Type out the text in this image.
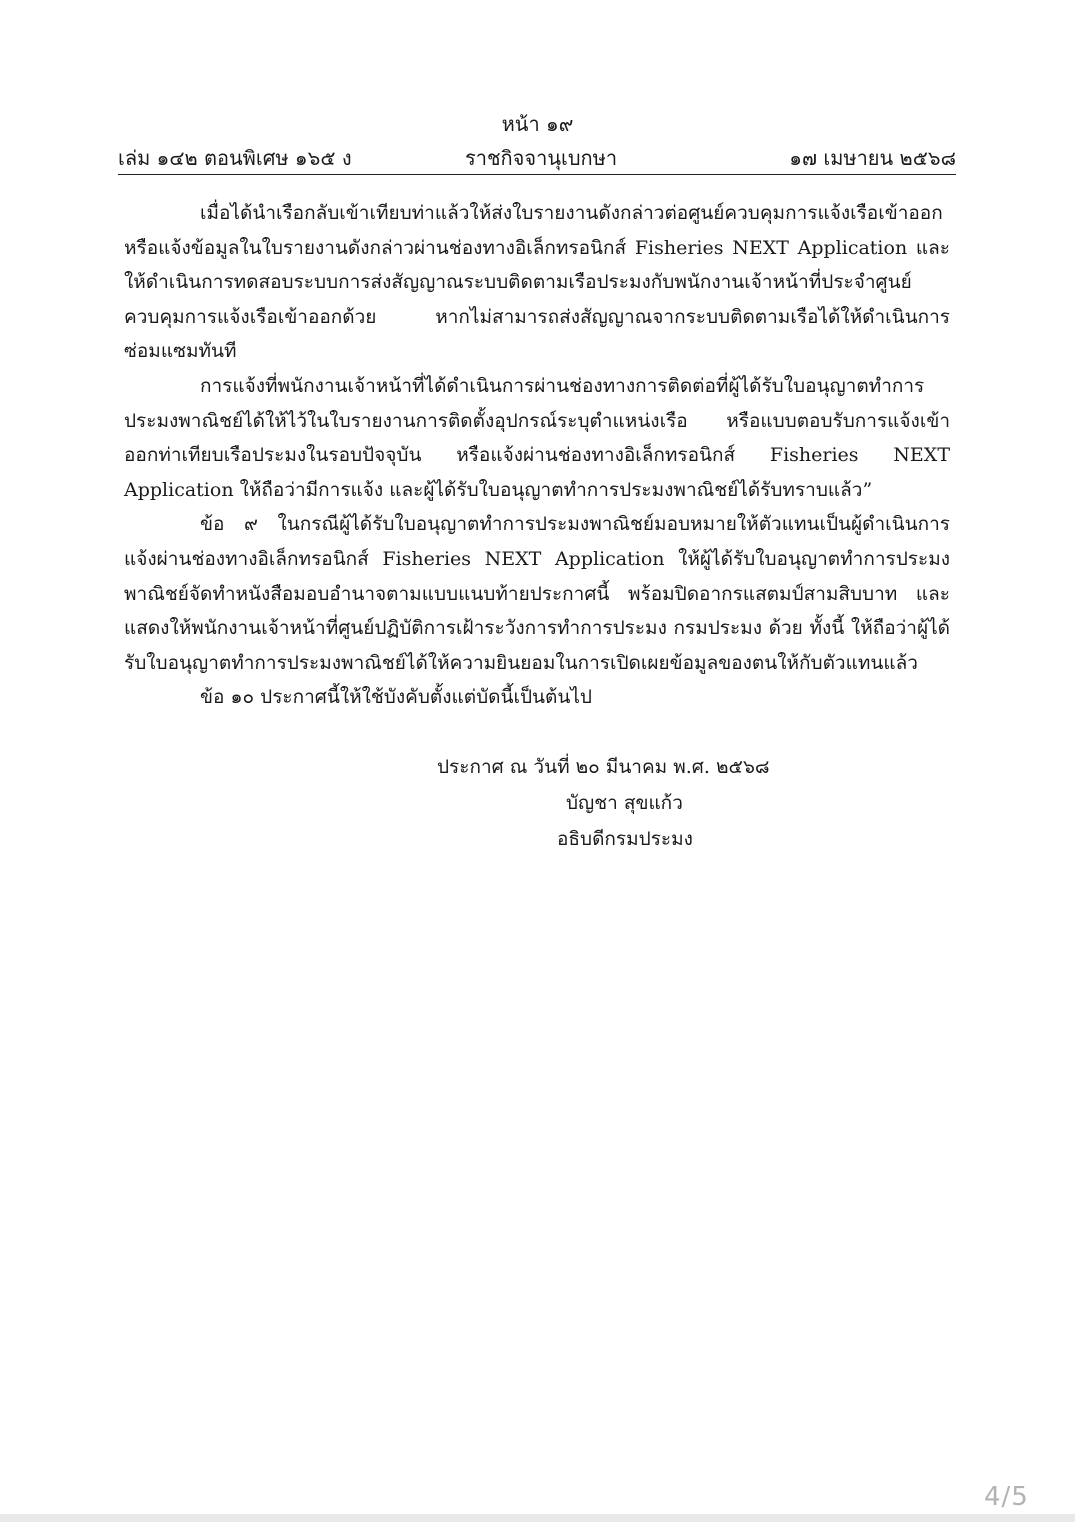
หน้า ๑๙
เล่ม ๑๔๒ ตอนพิเศษ ๑๖๕ ง	ราชกิจจานุเบกษา	๑๗ เมษายน ๒๕๖๘

เมื่อได้นำเรือกลับเข้าเทียบท่าแล้วให้ส่งใบรายงานดังกล่าวต่อศูนย์ควบคุมการแจ้งเรือเข้าออก หรือแจ้งข้อมูลในใบรายงานดังกล่าวผ่านช่องทางอิเล็กทรอนิกส์ Fisheries NEXT Application และให้ดำเนินการทดสอบระบบการส่งสัญญาณระบบติดตามเรือประมงกับพนักงานเจ้าหน้าที่ประจำศูนย์ควบคุมการแจ้งเรือเข้าออกด้วย หากไม่สามารถส่งสัญญาณจากระบบติดตามเรือได้ให้ดำเนินการซ่อมแซมทันที

การแจ้งที่พนักงานเจ้าหน้าที่ได้ดำเนินการผ่านช่องทางการติดต่อที่ผู้ได้รับใบอนุญาตทำการประมงพาณิชย์ได้ให้ไว้ในใบรายงานการติดตั้งอุปกรณ์ระบุตำแหน่งเรือ หรือแบบตอบรับการแจ้งเข้าออกท่าเทียบเรือประมงในรอบปัจจุบัน หรือแจ้งผ่านช่องทางอิเล็กทรอนิกส์ Fisheries NEXT Application ให้ถือว่ามีการแจ้ง และผู้ได้รับใบอนุญาตทำการประมงพาณิชย์ได้รับทราบแล้ว”

ข้อ ๙ ในกรณีผู้ได้รับใบอนุญาตทำการประมงพาณิชย์มอบหมายให้ตัวแทนเป็นผู้ดำเนินการแจ้งผ่านช่องทางอิเล็กทรอนิกส์ Fisheries NEXT Application ให้ผู้ได้รับใบอนุญาตทำการประมงพาณิชย์จัดทำหนังสือมอบอำนาจตามแบบแนบท้ายประกาศนี้ พร้อมปิดอากรแสตมป์สามสิบบาท และแสดงให้พนักงานเจ้าหน้าที่ศูนย์ปฏิบัติการเฝ้าระวังการทำการประมง กรมประมง ด้วย ทั้งนี้ ให้ถือว่าผู้ได้รับใบอนุญาตทำการประมงพาณิชย์ได้ให้ความยินยอมในการเปิดเผยข้อมูลของตนให้กับตัวแทนแล้ว

ข้อ ๑๐ ประกาศนี้ให้ใช้บังคับตั้งแต่บัดนี้เป็นต้นไป

ประกาศ ณ วันที่ ๒๐ มีนาคม พ.ศ. ๒๕๖๘
บัญชา สุขแก้ว
อธิบดีกรมประมง
4/5
